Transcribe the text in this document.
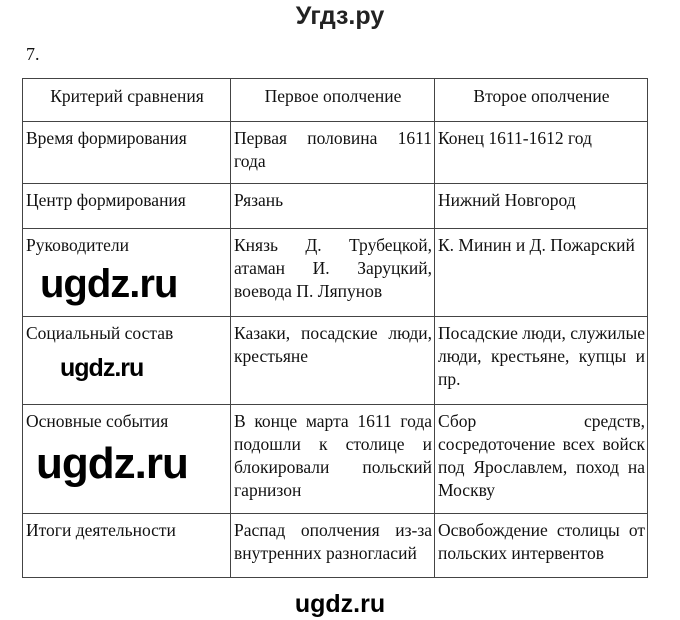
Угдз.ру
7.
Критерий сравнения	Первое ополчение	Второе ополчение
Время формирования	Первая половина 1611 года	Конец 1611-1612 год
Центр формирования	Рязань	Нижний Новгород
Руководители	Князь Д. Трубецкой, атаман И. Заруцкий, воевода П. Ляпунов	К. Минин и Д. Пожарский
Социальный состав	Казаки, посадские люди, крестьяне	Посадские люди, служилые люди, крестьяне, купцы и пр.
Основные события	В конце марта 1611 года подошли к столице и блокировали польский гарнизон	Сбор средств, сосредоточение всех войск под Ярославлем, поход на Москву
Итоги деятельности	Распад ополчения из-за внутренних разногласий	Освобождение столицы от польских интервентов
ugdz.ru
ugdz.ru
ugdz.ru
ugdz.ru
